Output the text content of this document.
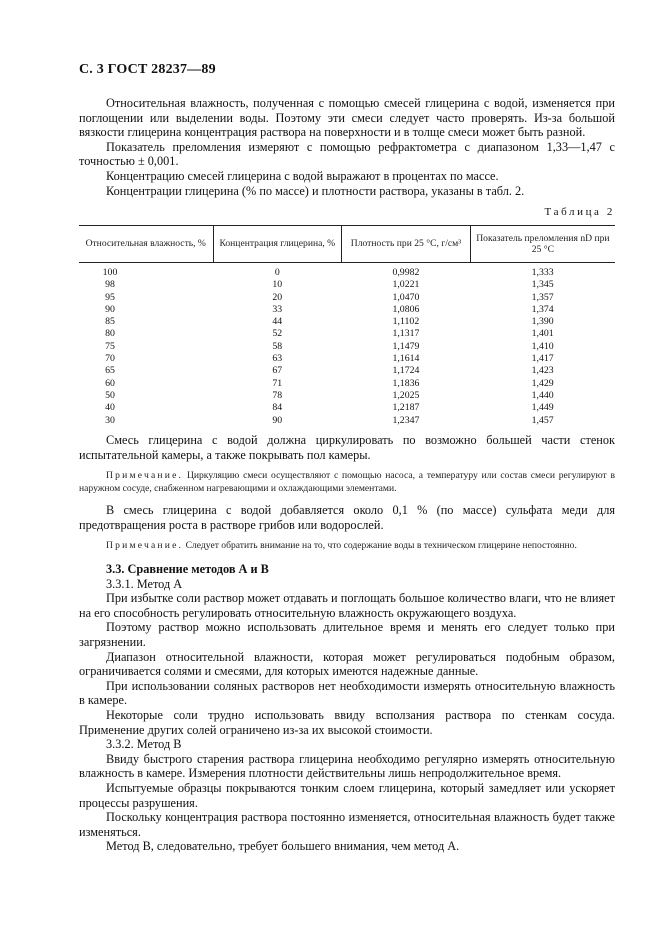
С. 3 ГОСТ 28237—89

Относительная влажность, полученная с помощью смесей глицерина с водой, изменяется при поглощении или выделении воды. Поэтому эти смеси следует часто проверять. Из-за большой вязкости глицерина концентрация раствора на поверхности и в толще смеси может быть разной.

Показатель преломления измеряют с помощью рефрактометра с диапазоном 1,33—1,47 с точностью ± 0,001.

Концентрацию смесей глицерина с водой выражают в процентах по массе.

Концентрации глицерина (% по массе) и плотности раствора, указаны в табл. 2.

Таблица 2
Относительная влажность, %	Концентрация глицерина, %	Плотность при 25 °С, г/см³	Показатель преломления nD при 25 °С
100	0	0,9982	1,333
98	10	1,0221	1,345
95	20	1,0470	1,357
90	33	1,0806	1,374
85	44	1,1102	1,390
80	52	1,1317	1,401
75	58	1,1479	1,410
70	63	1,1614	1,417
65	67	1,1724	1,423
60	71	1,1836	1,429
50	78	1,2025	1,440
40	84	1,2187	1,449
30	90	1,2347	1,457

Смесь глицерина с водой должна циркулировать по возможно большей части стенок испытательной камеры, а также покрывать пол камеры.

Примечание. Циркуляцию смеси осуществляют с помощью насоса, а температуру или состав смеси регулируют в наружном сосуде, снабженном нагревающими и охлаждающими элементами.

В смесь глицерина с водой добавляется около 0,1 % (по массе) сульфата меди для предотвращения роста в растворе грибов или водорослей.

Примечание. Следует обратить внимание на то, что содержание воды в техническом глицерине непостоянно.

3.3. Сравнение методов А и В

3.3.1. Метод А

При избытке соли раствор может отдавать и поглощать большое количество влаги, что не влияет на его способность регулировать относительную влажность окружающего воздуха.

Поэтому раствор можно использовать длительное время и менять его следует только при загрязнении.

Диапазон относительной влажности, которая может регулироваться подобным образом, ограничивается солями и смесями, для которых имеются надежные данные.

При использовании соляных растворов нет необходимости измерять относительную влажность в камере.

Некоторые соли трудно использовать ввиду всползания раствора по стенкам сосуда. Применение других солей ограничено из-за их высокой стоимости.

3.3.2. Метод В

Ввиду быстрого старения раствора глицерина необходимо регулярно измерять относительную влажность в камере. Измерения плотности действительны лишь непродолжительное время.

Испытуемые образцы покрываются тонким слоем глицерина, который замедляет или ускоряет процессы разрушения.

Поскольку концентрация раствора постоянно изменяется, относительная влажность будет также изменяться.

Метод В, следовательно, требует большего внимания, чем метод А.
